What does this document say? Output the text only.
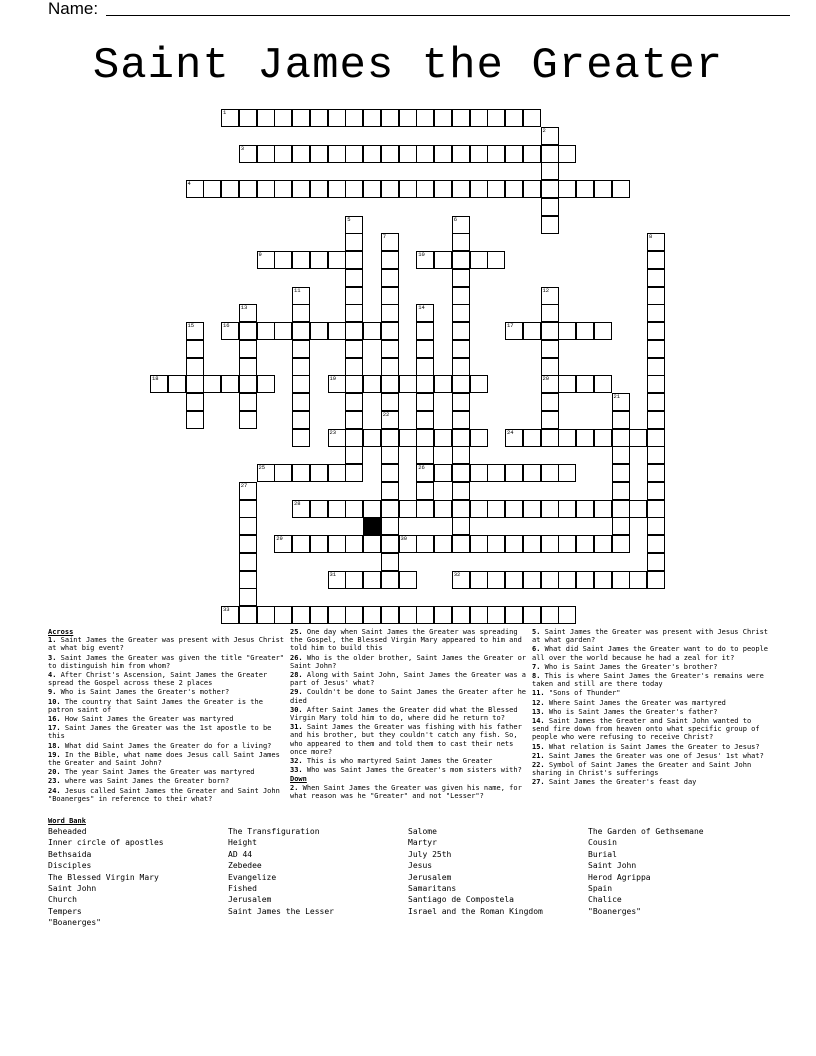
Name:
Saint James the Greater
1
2
3
4
5	6
7	8
9	10
11	12
13	14
15	16	17
18	19	20
21
22
23	24
25	26
27
28
29	30
31	32
33
Across
1. Saint James the Greater was present with Jesus Christ at what big event?
3. Saint James the Greater was given the title "Greater" to distinguish him from whom?
4. After Christ's Ascension, Saint James the Greater spread the Gospel across these 2 places
9. Who is Saint James the Greater's mother?
10. The country that Saint James the Greater is the patron saint of
16. How Saint James the Greater was martyred
17. Saint James the Greater was the 1st apostle to be this
18. What did Saint James the Greater do for a living?
19. In the Bible, what name does Jesus call Saint James the Greater and Saint John?
20. The year Saint James the Greater was martyred
23. where was Saint James the Greater born?
24. Jesus called Saint James the Greater and Saint John "Boanerges" in reference to their what?
25. One day when Saint James the Greater was spreading the Gospel, the Blessed Virgin Mary appeared to him and told him to build this
26. Who is the older brother, Saint James the Greater or Saint John?
28. Along with Saint John, Saint James the Greater was a part of Jesus' what?
29. Couldn't be done to Saint James the Greater after he died
30. After Saint James the Greater did what the Blessed Virgin Mary told him to do, where did he return to?
31. Saint James the Greater was fishing with his father and his brother, but they couldn't catch any fish. So, who appeared to them and told them to cast their nets once more?
32. This is who martyred Saint James the Greater
33. Who was Saint James the Greater's mom sisters with?
Down
2. When Saint James the Greater was given his name, for what reason was he "Greater" and not "Lesser"?
5. Saint James the Greater was present with Jesus Christ at what garden?
6. What did Saint James the Greater want to do to people all over the world because he had a zeal for it?
7. Who is Saint James the Greater's brother?
8. This is where Saint James the Greater's remains were taken and still are there today
11. "Sons of Thunder"
12. Where Saint James the Greater was martyred
13. Who is Saint James the Greater's father?
14. Saint James the Greater and Saint John wanted to send fire down from heaven onto what specific group of people who were refusing to receive Christ?
15. What relation is Saint James the Greater to Jesus?
21. Saint James the Greater was one of Jesus' 1st what?
22. Symbol of Saint James the Greater and Saint John sharing in Christ's sufferings
27. Saint James the Greater's feast day
Word Bank
Beheaded
Inner circle of apostles
Bethsaida
Disciples
The Blessed Virgin Mary
Saint John
Church
Tempers
"Boanerges"
The Transfiguration
Height
AD 44
Zebedee
Evangelize
Fished
Jerusalem
Saint James the Lesser
Salome
Martyr
July 25th
Jesus
Jerusalem
Samaritans
Santiago de Compostela
Israel and the Roman Kingdom
The Garden of Gethsemane
Cousin
Burial
Saint John
Herod Agrippa
Spain
Chalice
"Boanerges"
